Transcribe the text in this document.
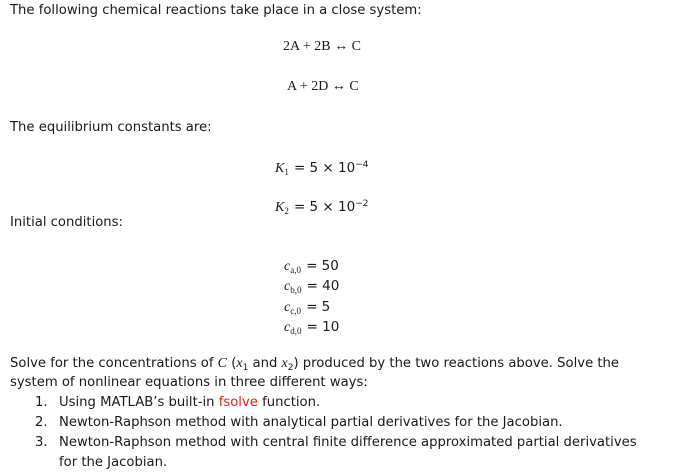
The following chemical reactions take place in a close system:
2A + 2B ↔ C
A + 2D ↔ C
The equilibrium constants are:
$K_1 = 5 \times 10^{-4}$
$K_2 = 5 \times 10^{-2}$
Initial conditions:
$c_{a,0} = 50$
$c_{b,0} = 40$
$c_{c,0} = 5$
$c_{d,0} = 10$
Solve for the concentrations of C ($x_1$ and $x_2$) produced by the two reactions above. Solve the
system of nonlinear equations in three different ways:
1. Using MATLAB’s built-in fsolve function.
2. Newton-Raphson method with analytical partial derivatives for the Jacobian.
3. Newton-Raphson method with central finite difference approximated partial derivatives
for the Jacobian.
